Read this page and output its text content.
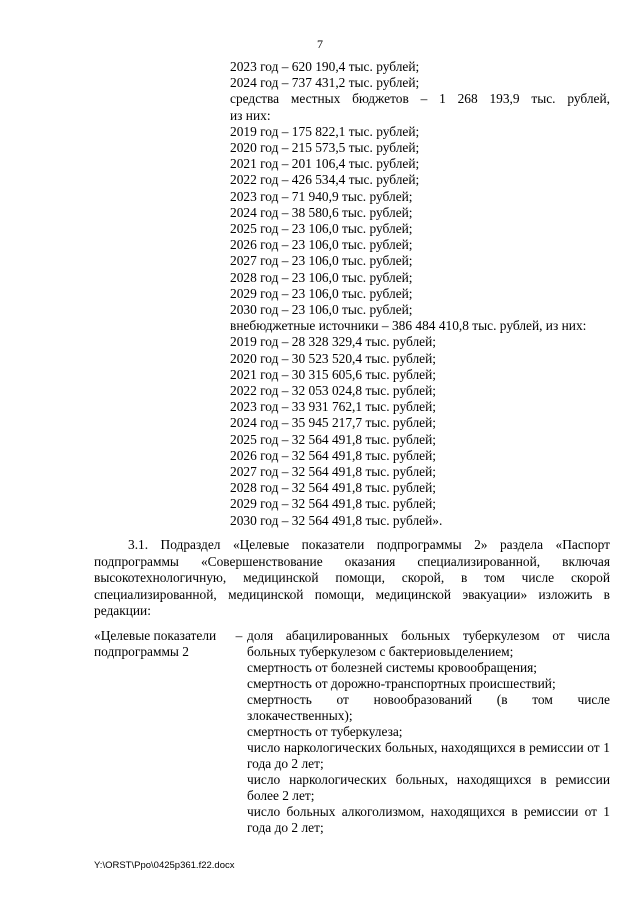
7
2023 год – 620 190,4 тыс. рублей;
2024 год – 737 431,2 тыс. рублей;
средства местных бюджетов – 1 268 193,9 тыс. рублей,
из них:
2019 год – 175 822,1 тыс. рублей;
2020 год – 215 573,5 тыс. рублей;
2021 год – 201 106,4 тыс. рублей;
2022 год – 426 534,4 тыс. рублей;
2023 год – 71 940,9 тыс. рублей;
2024 год – 38 580,6 тыс. рублей;
2025 год – 23 106,0 тыс. рублей;
2026 год – 23 106,0 тыс. рублей;
2027 год – 23 106,0 тыс. рублей;
2028 год – 23 106,0 тыс. рублей;
2029 год – 23 106,0 тыс. рублей;
2030 год – 23 106,0 тыс. рублей;
внебюджетные источники – 386 484 410,8 тыс. рублей, из них:
2019 год – 28 328 329,4 тыс. рублей;
2020 год – 30 523 520,4 тыс. рублей;
2021 год – 30 315 605,6 тыс. рублей;
2022 год – 32 053 024,8 тыс. рублей;
2023 год – 33 931 762,1 тыс. рублей;
2024 год – 35 945 217,7 тыс. рублей;
2025 год – 32 564 491,8 тыс. рублей;
2026 год – 32 564 491,8 тыс. рублей;
2027 год – 32 564 491,8 тыс. рублей;
2028 год – 32 564 491,8 тыс. рублей;
2029 год – 32 564 491,8 тыс. рублей;
2030 год – 32 564 491,8 тыс. рублей».
3.1. Подраздел «Целевые показатели подпрограммы 2» раздела «Паспорт подпрограммы «Совершенствование оказания специализированной, включая высокотехнологичную, медицинской помощи, скорой, в том числе скорой специализированной, медицинской помощи, медицинской эвакуации» изложить в редакции:
«Целевые показатели подпрограммы 2
– доля абацилированных больных туберкулезом от числа больных туберкулезом с бактериовыделением;
смертность от болезней системы кровообращения;
смертность от дорожно-транспортных происшествий;
смертность от новообразований (в том числе злокачественных);
смертность от туберкулеза;
число наркологических больных, находящихся в ремиссии от 1 года до 2 лет;
число наркологических больных, находящихся в ремиссии более 2 лет;
число больных алкоголизмом, находящихся в ремиссии от 1 года до 2 лет;
Y:\ORST\Ppo\0425p361.f22.docx
